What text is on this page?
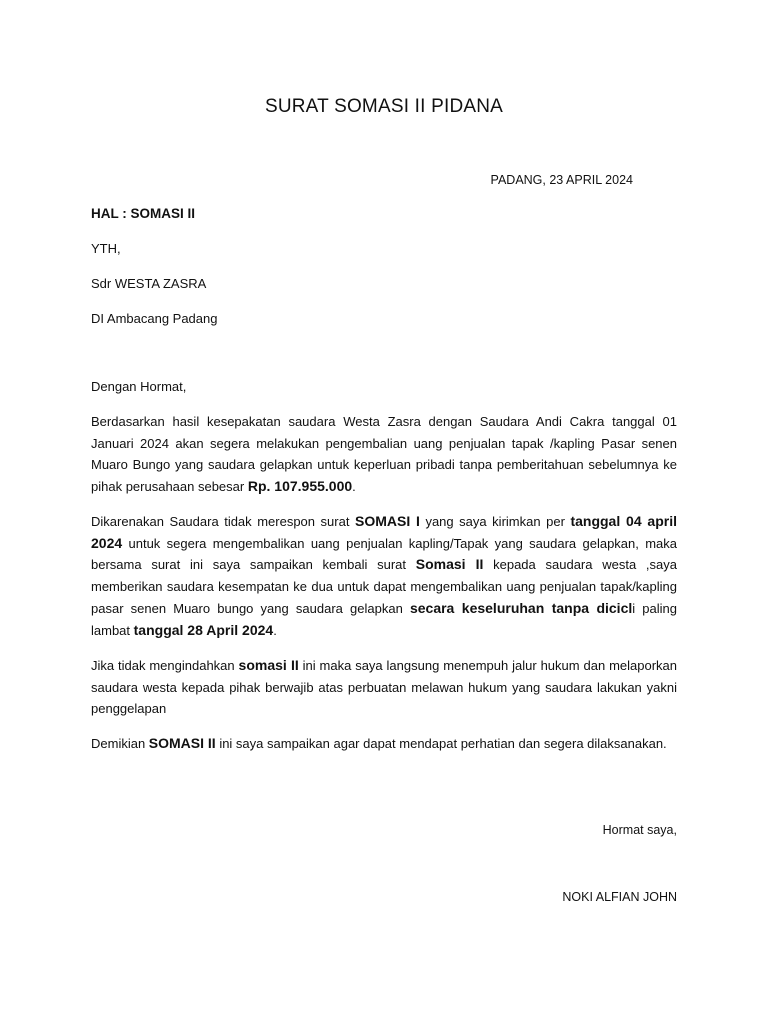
SURAT SOMASI II PIDANA
PADANG, 23 APRIL 2024
HAL : SOMASI II
YTH,
Sdr WESTA ZASRA
DI Ambacang Padang
Dengan Hormat,
Berdasarkan hasil kesepakatan saudara Westa Zasra dengan Saudara Andi Cakra tanggal 01 Januari 2024 akan segera melakukan pengembalian uang penjualan tapak /kapling Pasar senen Muaro Bungo yang saudara gelapkan untuk keperluan pribadi tanpa pemberitahuan sebelumnya ke pihak perusahaan sebesar Rp. 107.955.000.
Dikarenakan Saudara tidak merespon surat SOMASI I yang saya kirimkan per tanggal 04 april 2024 untuk segera mengembalikan uang penjualan kapling/Tapak yang saudara gelapkan, maka bersama surat ini saya sampaikan kembali surat Somasi II kepada saudara westa ,saya memberikan saudara kesempatan ke dua untuk dapat mengembalikan uang penjualan tapak/kapling pasar senen Muaro bungo yang saudara gelapkan secara keseluruhan tanpa dicicli paling lambat tanggal 28 April 2024.
Jika tidak mengindahkan somasi II ini maka saya langsung menempuh jalur hukum dan melaporkan saudara westa kepada pihak berwajib atas perbuatan melawan hukum yang saudara lakukan yakni penggelapan
Demikian SOMASI II ini saya sampaikan agar dapat mendapat perhatian dan segera dilaksanakan.
Hormat saya,
NOKI ALFIAN JOHN
